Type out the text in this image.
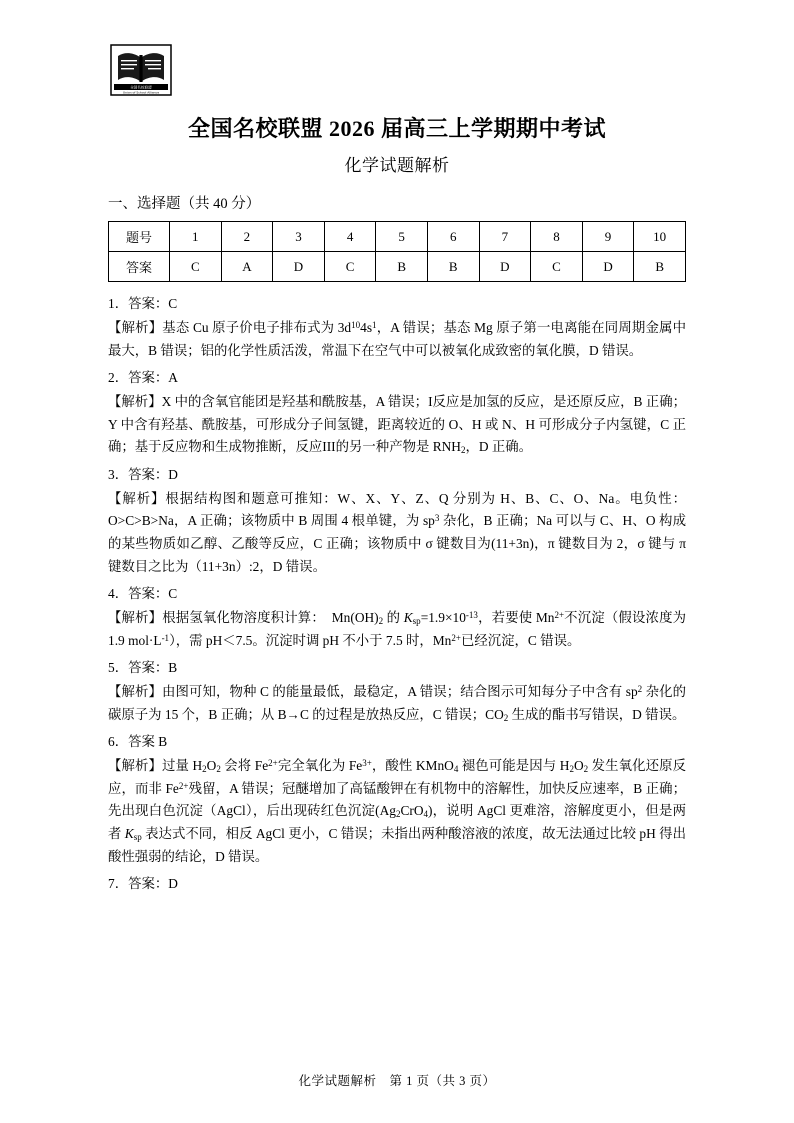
全国名校联盟
Union of School Alliance
全国名校联盟 2026 届高三上学期期中考试
化学试题解析
一、选择题（共 40 分）
题号	1	2	3	4	5	6	7	8	9	10
答案	C	A	D	C	B	B	D	C	D	B

1．答案：C

【解析】基态 Cu 原子价电子排布式为 $3d^{10}4s^1$，A 错误；基态 Mg 原子第一电离能在同周期金属中最大，B 错误；铝的化学性质活泼，常温下在空气中可以被氧化成致密的氧化膜，D 错误。

2．答案：A

【解析】X 中的含氧官能团是羟基和酰胺基，A 错误；I反应是加氢的反应，是还原反应，B 正确；Y 中含有羟基、酰胺基，可形成分子间氢键，距离较近的 O、H 或 N、H 可形成分子内氢键，C 正确；基于反应物和生成物推断，反应III的另一种产物是 $RNH_2$，D 正确。

3．答案：D

【解析】根据结构图和题意可推知：W、X、Y、Z、Q 分别为 H、B、C、O、Na。电负性：O>C>B>Na，A 正确；该物质中 B 周围 4 根单键，为 $sp^3$ 杂化，B 正确；Na 可以与 C、H、O 构成的某些物质如乙醇、乙酸等反应，C 正确；该物质中 σ 键数目为(11+3n)，π 键数目为 2，σ 键与 π 键数目之比为（11+3n）:2，D 错误。

4．答案：C

【解析】根据氢氧化物溶度积计算：　$Mn(OH)_2$ 的 $K_{sp}=1.9\times 10^{-13}$，若要使 $Mn^{2+}$不沉淀（假设浓度为 1.9 $mol\cdot L^{-1}$），需 pH＜7.5。沉淀时调 pH 不小于 7.5 时，$Mn^{2+}$已经沉淀，C 错误。

5．答案：B

【解析】由图可知，物种 C 的能量最低，最稳定，A 错误；结合图示可知每分子中含有 $sp^2$ 杂化的碳原子为 15 个，B 正确；从 B→C 的过程是放热反应，C 错误；$CO_2$ 生成的酯书写错误，D 错误。

6．答案 B

【解析】过量 $H_2O_2$ 会将 $Fe^{2+}$完全氧化为 $Fe^{3+}$，酸性 KMnO$_4$ 褪色可能是因与 $H_2O_2$ 发生氧化还原反应，而非 $Fe^{2+}$残留，A 错误；冠醚增加了高锰酸钾在有机物中的溶解性，加快反应速率，B 正确；先出现白色沉淀（AgCl），后出现砖红色沉淀$(Ag_2CrO_4)$，说明 AgCl 更难溶，溶解度更小，但是两者 $K_{sp}$ 表达式不同，相反 AgCl 更小，C 错误；未指出两种酸溶液的浓度，故无法通过比较 pH 得出酸性强弱的结论，D 错误。

7．答案：D

化学试题解析　第 1 页（共 3 页）
